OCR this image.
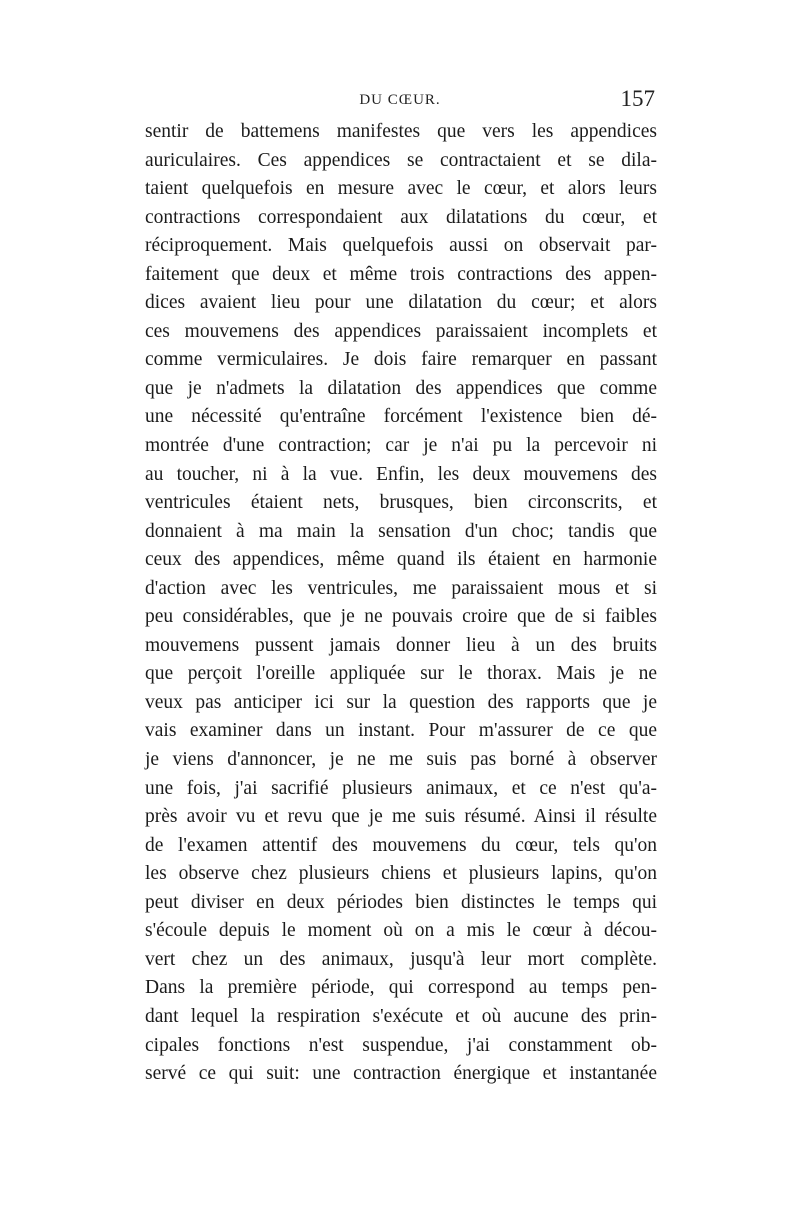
DU CŒUR.	157
sentir de battemens manifestes que vers les appendices
auriculaires. Ces appendices se contractaient et se dila-
taient quelquefois en mesure avec le cœur, et alors leurs
contractions correspondaient aux dilatations du cœur, et
réciproquement. Mais quelquefois aussi on observait par-
faitement que deux et même trois contractions des appen-
dices avaient lieu pour une dilatation du cœur; et alors
ces mouvemens des appendices paraissaient incomplets et
comme vermiculaires. Je dois faire remarquer en passant
que je n'admets la dilatation des appendices que comme
une nécessité qu'entraîne forcément l'existence bien dé-
montrée d'une contraction; car je n'ai pu la percevoir ni
au toucher, ni à la vue. Enfin, les deux mouvemens des
ventricules étaient nets, brusques, bien circonscrits, et
donnaient à ma main la sensation d'un choc; tandis que
ceux des appendices, même quand ils étaient en harmonie
d'action avec les ventricules, me paraissaient mous et si
peu considérables, que je ne pouvais croire que de si faibles
mouvemens pussent jamais donner lieu à un des bruits
que perçoit l'oreille appliquée sur le thorax. Mais je ne
veux pas anticiper ici sur la question des rapports que je
vais examiner dans un instant. Pour m'assurer de ce que
je viens d'annoncer, je ne me suis pas borné à observer
une fois, j'ai sacrifié plusieurs animaux, et ce n'est qu'a-
près avoir vu et revu que je me suis résumé. Ainsi il résulte
de l'examen attentif des mouvemens du cœur, tels qu'on
les observe chez plusieurs chiens et plusieurs lapins, qu'on
peut diviser en deux périodes bien distinctes le temps qui
s'écoule depuis le moment où on a mis le cœur à décou-
vert chez un des animaux, jusqu'à leur mort complète.
Dans la première période, qui correspond au temps pen-
dant lequel la respiration s'exécute et où aucune des prin-
cipales fonctions n'est suspendue, j'ai constamment ob-
servé ce qui suit: une contraction énergique et instantanée
